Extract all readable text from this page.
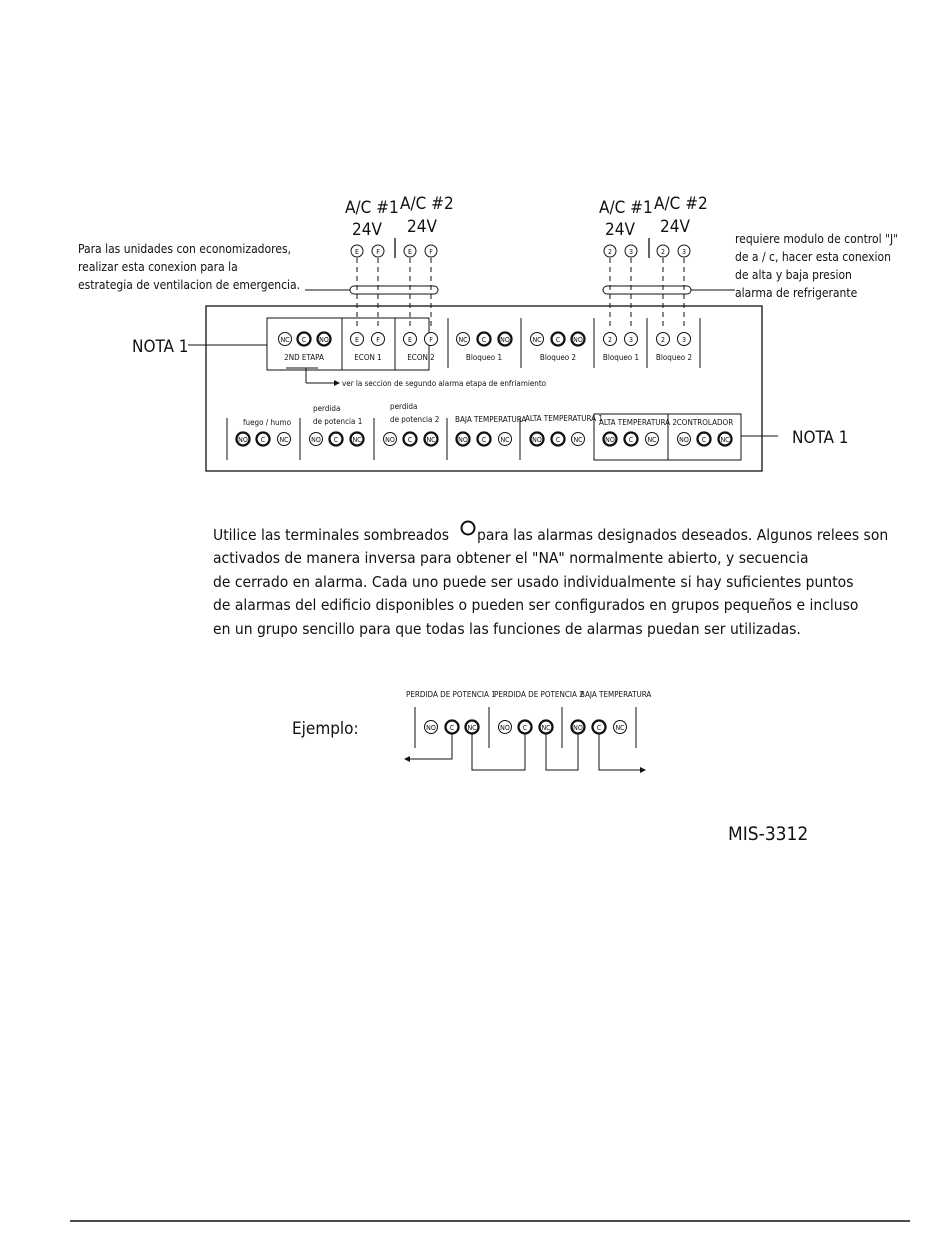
A/C #1 A/C #2
24V 24V
A/C #1 A/C #2
24V 24V
E F	E F	2 3	2 3
Para las unidades con economizadores,
realizar esta conexion para la
estrategia de ventilacion de emergencia.
requiere modulo de control "J"
de a / c, hacer esta conexion
de alta y baja presion
alarma de refrigerante
NOTA 1	NC C NO	E F	E F	NC C NO	NC C NO	2 3	2 3
2ND ETAPA	ECON 1	ECON 2	Bloqueo 1	Bloqueo 2	Bloqueo 1 Bloqueo 2
ver la seccion de segundo alarma etapa de enfriamiento
fuego / humo
perdida
de potencia 1
perdida
de potencia 2 BAJA TEMPERATURA
ALTA TEMPERATURA 1
ALTA TEMPERATURA 2 CONTROLADOR
NO C NC	NO C NC	NO C NC	NO C NC	NO C NC	NO C NC	NO C NC	NOTA 1
Utilice las terminales sombreados para las alarmas designados deseados. Algunos relees son
activados de manera inversa para obtener el "NA" normalmente abierto, y secuencia
de cerrado en alarma. Cada uno puede ser usado individualmente si hay suficientes puntos
de alarmas del edificio disponibles o pueden ser configurados en grupos pequeños e incluso
en un grupo sencillo para que todas las funciones de alarmas puedan ser utilizadas.
Ejemplo:
PERDIDA DE POTENCIA 1
PERDIDA DE POTENCIA 2
BAJA TEMPERATURA
NO C NC	NO C NC	NO C NC
MIS-3312
